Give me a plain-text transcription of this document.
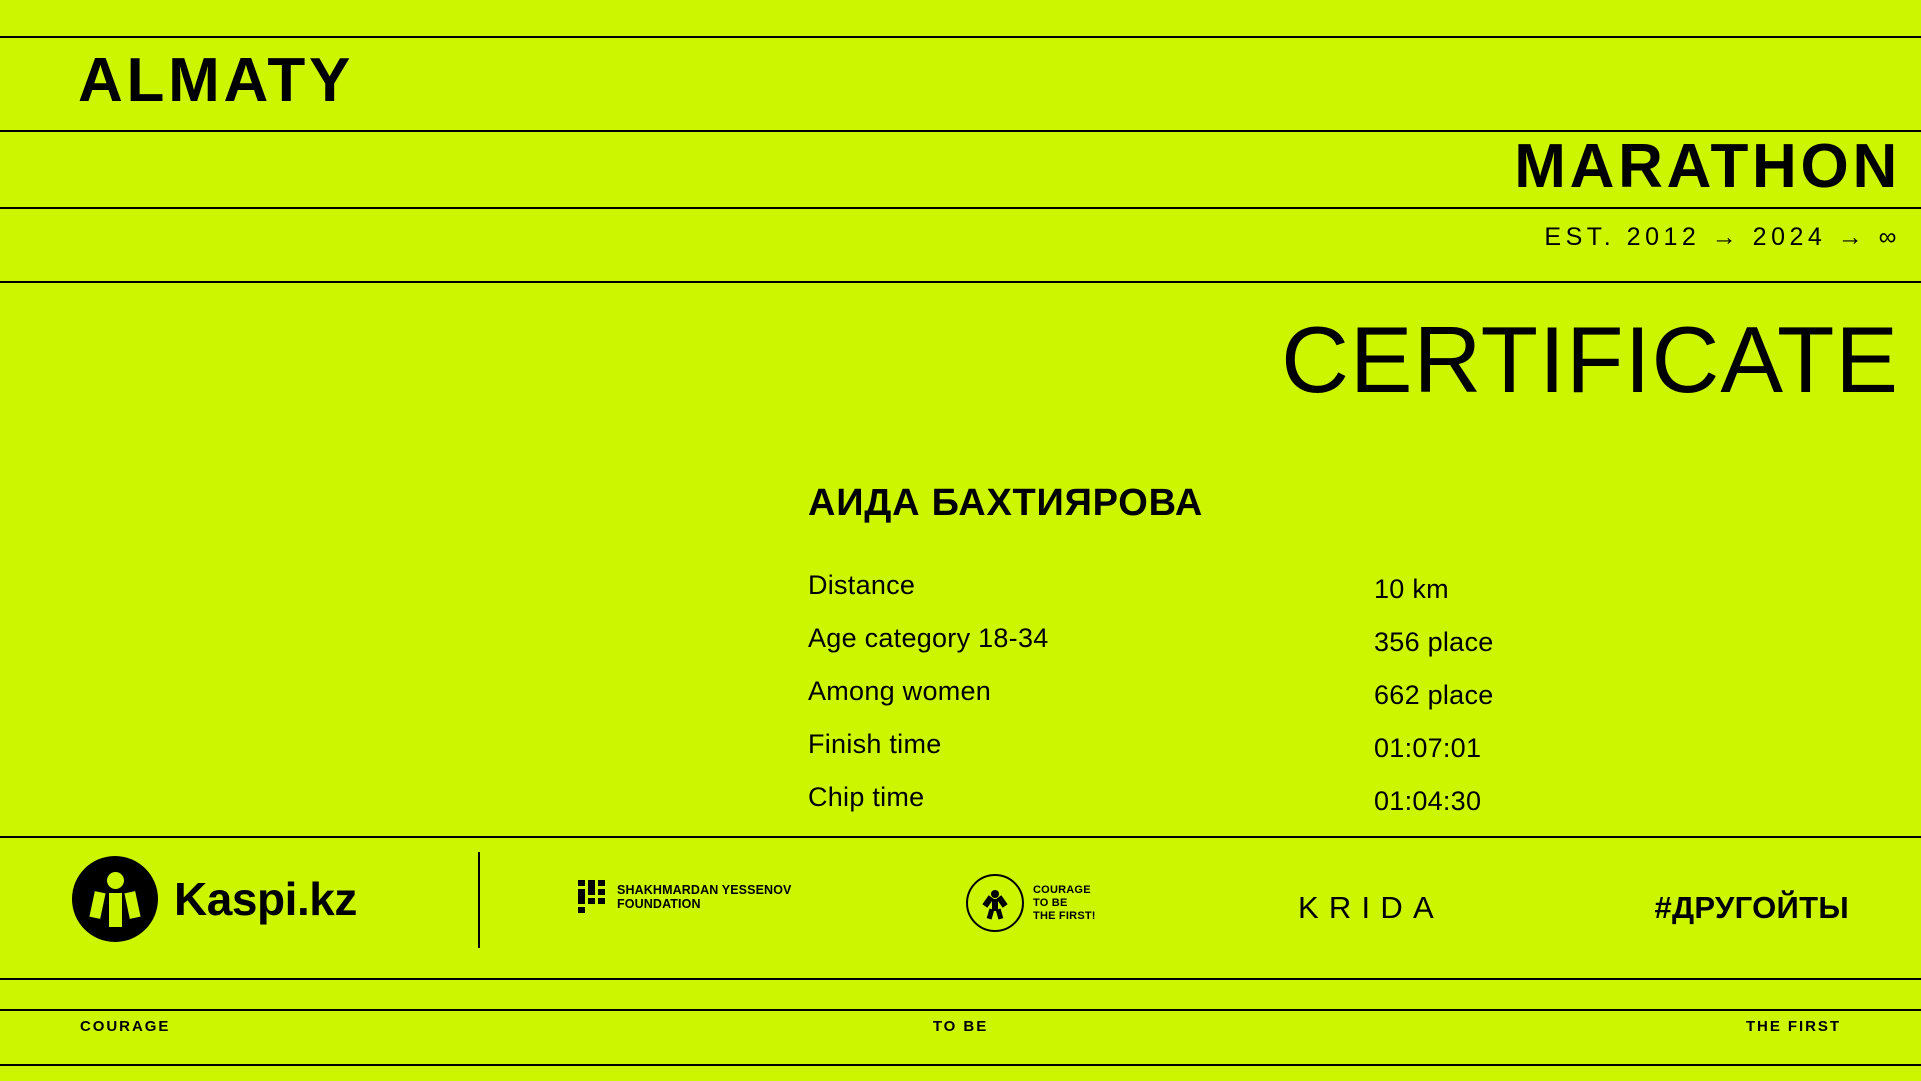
ALMATY
MARATHON
EST. 2012 → 2024 → ∞
CERTIFICATE
АИДА БАХТИЯРОВА
Distance	10 km
Age category 18-34	356 place
Among women	662 place
Finish time	01:07:01
Chip time	01:04:30
Kaspi.kz	SHAKHMARDAN YESSENOV
FOUNDATION
COURAGE
TO BE
THE FIRST!	KRIDA	#ДРУГОЙТЫ
COURAGE	TO BE	THE FIRST
